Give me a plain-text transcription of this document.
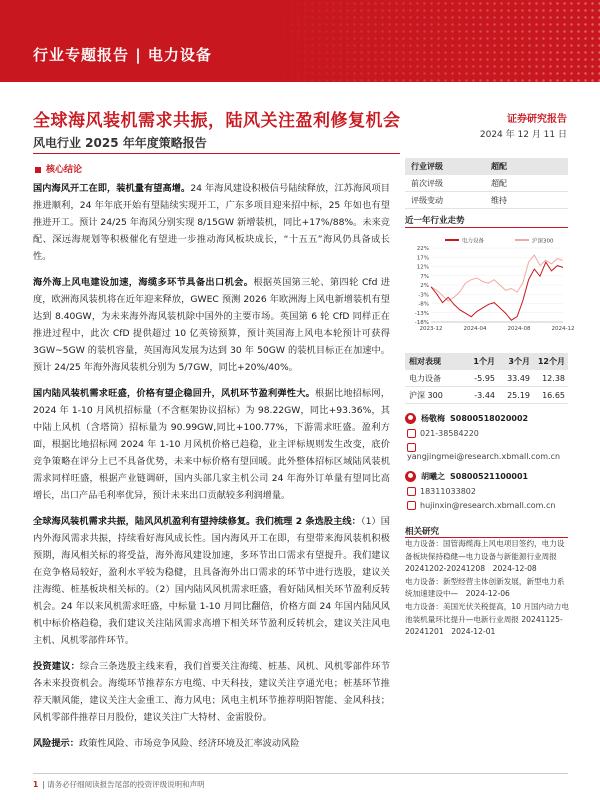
行业专题报告 | 电力设备
全球海风装机需求共振，陆风关注盈利修复机会
风电行业 2025 年年度策略报告
证券研究报告
2024 年 12 月 11 日
核心结论

国内海风开工在即，装机量有望高增。24 年海风建设积极信号陆续释放，江苏海风项目推进顺利，24 年年底开始有望陆续实现开工，广东多项目迎来招中标，25 年如也有望推进开工。预计 24/25 年海风分别实现 8/15GW 新增装机，同比+17%/88%。未来竞配、深远海规划等积极催化有望进一步推动海风板块成长，“十五五”海风仍具备成长性。

海外海上风电建设加速，海缆多环节具备出口机会。根据英国第三轮、第四轮 Cfd 进度，欧洲海风装机将在近年迎来释放，GWEC 预测 2026 年欧洲海上风电新增装机有望达到 8.40GW，为未来海外海风装机除中国外的主要市场。英国第 6 轮 CfD 同样正在推进过程中，此次 CfD 提供超过 10 亿英镑预算，预计英国海上风电本轮预计可获得 3GW~5GW 的装机容量，英国海风发展为达到 30 年 50GW 的装机目标正在加速中。预计 24/25 年海外海风装机分别为 5/7GW，同比+20%/40%。

国内陆风装机需求旺盛，价格有望企稳回升，风机环节盈利弹性大。根据比地招标网，2024 年 1-10 月风机招标量（不含框架协议招标）为 98.22GW，同比+93.36%，其中陆上风机（含塔筒）招标量为 90.99GW,同比+100.77%，下游需求旺盛。盈利方面，根据比地招标网 2024 年 1-10 月风机价格已趋稳，业主评标规则发生改变，底价竞争策略在评分上已不具备优势，未来中标价格有望回暖。此外整体招标区域陆风装机需求同样旺盛，根据产业链调研，国内头部几家主机公司 24 年海外订单量有望同比高增长，出口产品毛利率优异，预计未来出口贡献较多利润增量。

全球海风装机需求共振，陆风风机盈利有望持续修复。我们梳理 2 条选股主线：（1）国内外海风需求共振，持续看好海风成长性。国内海风开工在即，有望带来海风装机积极预期，海风相关标的将受益，海外海风建设加速，多环节出口需求有望提升。我们建议在竞争格局较好，盈利水平较为稳健，且具备海外出口需求的环节中进行选股，建议关注海缆、桩基板块相关标的。（2）国内陆风风机需求旺盛，看好陆风相关环节盈利反转机会。24 年以来风机需求旺盛，中标量 1-10 月同比翻倍，价格方面 24 年国内陆风风机中标价格趋稳，我们建议关注陆风需求高增下相关环节盈利反转机会，建议关注风电主机、风机零部件环节。

投资建议：综合三条选股主线来看，我们首要关注海缆、桩基、风机、风机零部件环节各未来投资机会。海缆环节推荐东方电缆、中天科技，建议关注亨通光电；桩基环节推荐天顺风能，建议关注大金重工、海力风电；风电主机环节推荐明阳智能、金风科技；风机零部件推荐日月股份，建议关注广大特材、金雷股份。

风险提示：政策性风险、市场竞争风险、经济环境及汇率波动风险

行业评级	超配
前次评级	超配
评级变动	维持
近一年行业走势
电力设备	沪深300
22%
17%
12%
7%
2%
-3%
-8%
-13%
-18%
2023-12	2024-04	2024-08	2024-12
相对表现	1个月	3个月 12个月
电力设备	-5.95	33.49	12.38
沪深 300	-3.44	25.19	16.65
杨敬梅 S0800518020002
021-38584220
yangjingmei@research.xbmall.com.cn
胡曦之 S0800521100001
18311033802
hujinxin@research.xbmall.com.cn
相关研究
电力设备：国管海缆海上风电项目签约，电力设备板块保持稳健—电力设备与新能源行业周报 20241202-20241208　2024-12-08
电力设备：新型经营主体创新发展，新型电力系统加速建设中—　2024-12-06
电力设备：美国光伏关税提高，10 月国内动力电池装机量环比提升—电新行业周报 20241125-20241201　2024-12-01
1 | 请务必仔细阅读报告尾部的投资评级说明和声明
